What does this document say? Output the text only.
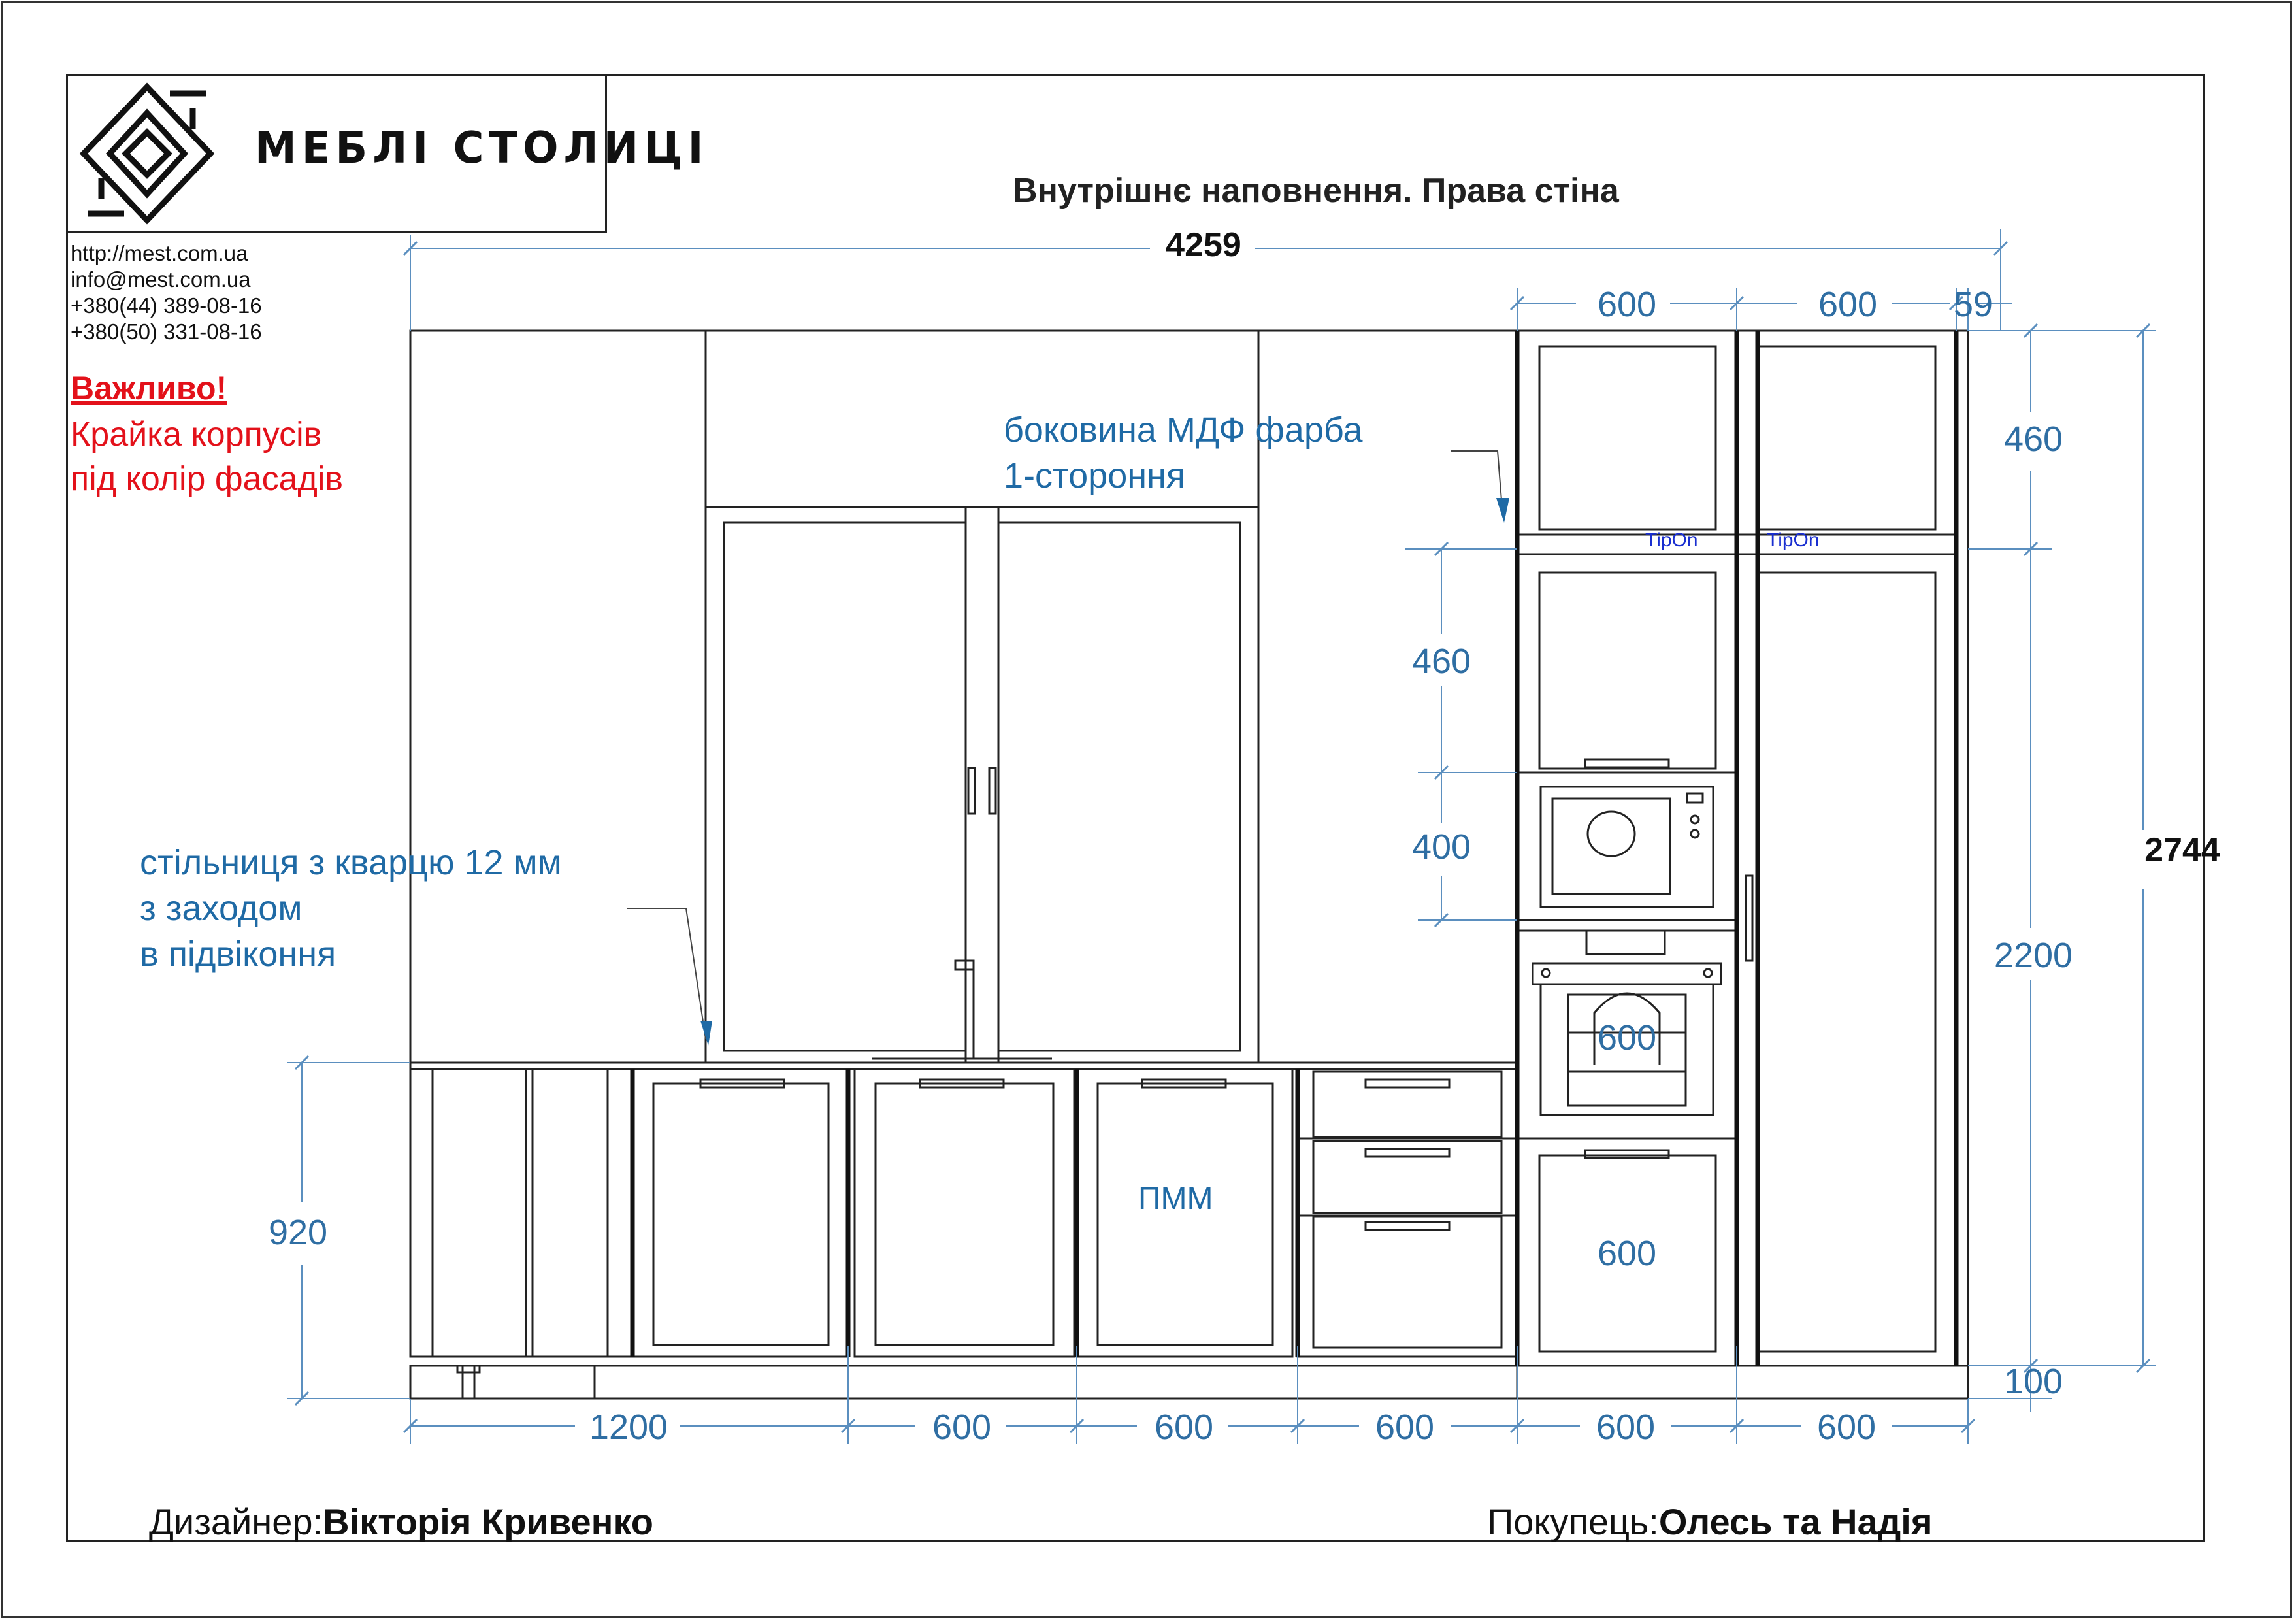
МЕБЛІ СТОЛИЦІ
http://mest.com.ua
info@mest.com.ua
+380(44) 389-08-16
+380(50) 331-08-16
Важливо!
Крайка корпусів
під колір фасадів
Внутрішнє наповнення. Права стіна
4259
600	600 59
460
2200
100
460
400
600
600
920
1200	600	600	600	600	600
2744
боковина МДФ фарба
1-стороння
стільниця з кварцю 12 мм
з заходом
в підвіконня
ПММ
TipOn	TipOn
Дизайнер:Вікторія Кривенко	Покупець:Олесь та Надія
